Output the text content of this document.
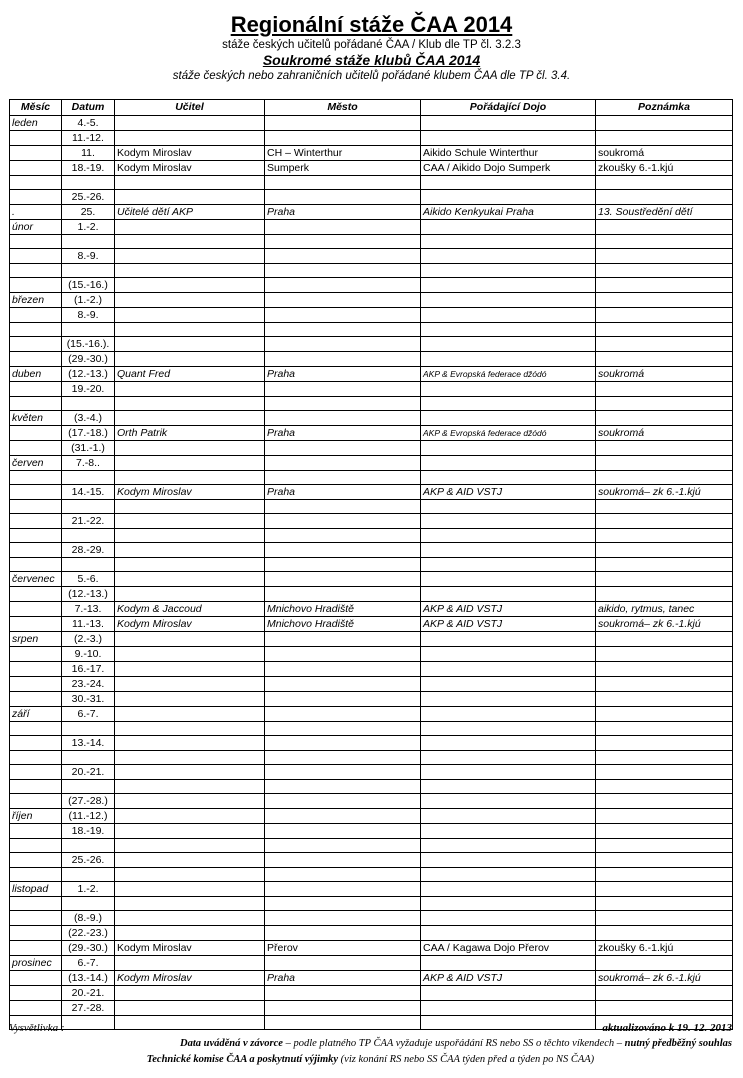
Regionální stáže ČAA 2014
stáže českých učitelů pořádané ČAA / Klub dle TP čl. 3.2.3
Soukromé stáže klubů ČAA 2014
stáže českých nebo zahraničních učitelů pořádané klubem ČAA dle TP čl. 3.4.
Měsíc	Datum	Učitel	Město	Pořádající Dojo	Poznámka
leden	4.-5.				
	11.-12.				
	11.	Kodym Miroslav	CH – Winterthur	Aikido Schule Winterthur	soukromá
	18.-19.	Kodym Miroslav	Sumperk	CAA / Aikido Dojo Sumperk	zkoušky 6.-1.kjú

	25.-26.				
.	25.	Učitelé dětí AKP	Praha	Aikido Kenkyukai Praha	13. Soustředění dětí
únor	1.-2.				

	8.-9.				

	(15.-16.)				
březen	(1.-2.)				
	8.-9.				

	(15.-16.).				
	(29.-30.)				
duben	(12.-13.)	Quant Fred	Praha	AKP & Evropská federace džódó	soukromá
	19.-20.				

květen	(3.-4.)				
	(17.-18.)	Orth Patrik	Praha	AKP & Evropská federace džódó	soukromá
	(31.-1.)				
červen	7.-8..				

	14.-15.	Kodym Miroslav	Praha	AKP & AID VSTJ	soukromá– zk 6.-1.kjú

	21.-22.				

	28.-29.				

červenec	5.-6.				
	(12.-13.)				
	7.-13.	Kodym & Jaccoud	Mnichovo Hradiště	AKP & AID VSTJ	aikido, rytmus, tanec
	11.-13.	Kodym Miroslav	Mnichovo Hradiště	AKP & AID VSTJ	soukromá– zk 6.-1.kjú
srpen	(2.-3.)				
	9.-10.				
	16.-17.				
	23.-24.				
	30.-31.				
září	6.-7.				

	13.-14.				

	20.-21.				

	(27.-28.)				
říjen	(11.-12.)				
	18.-19.				

	25.-26.				

listopad	1.-2.				

	(8.-9.)				
	(22.-23.)				
	(29.-30.)	Kodym Miroslav	Přerov	CAA / Kagawa Dojo Přerov	zkoušky 6.-1.kjú
prosinec	6.-7.				
	(13.-14.)	Kodym Miroslav	Praha	AKP & AID VSTJ	soukromá– zk 6.-1.kjú
	20.-21.				
	27.-28.				

Vysvětlivka :	aktualizováno k 19. 12. 2013
Data uváděná v závorce – podle platného TP ČAA vyžaduje uspořádání RS nebo SS o těchto víkendech – nutný předběžný souhlas
Technické komise ČAA a poskytnutí výjimky (viz konání RS nebo SS ČAA týden před a týden po NS ČAA)
